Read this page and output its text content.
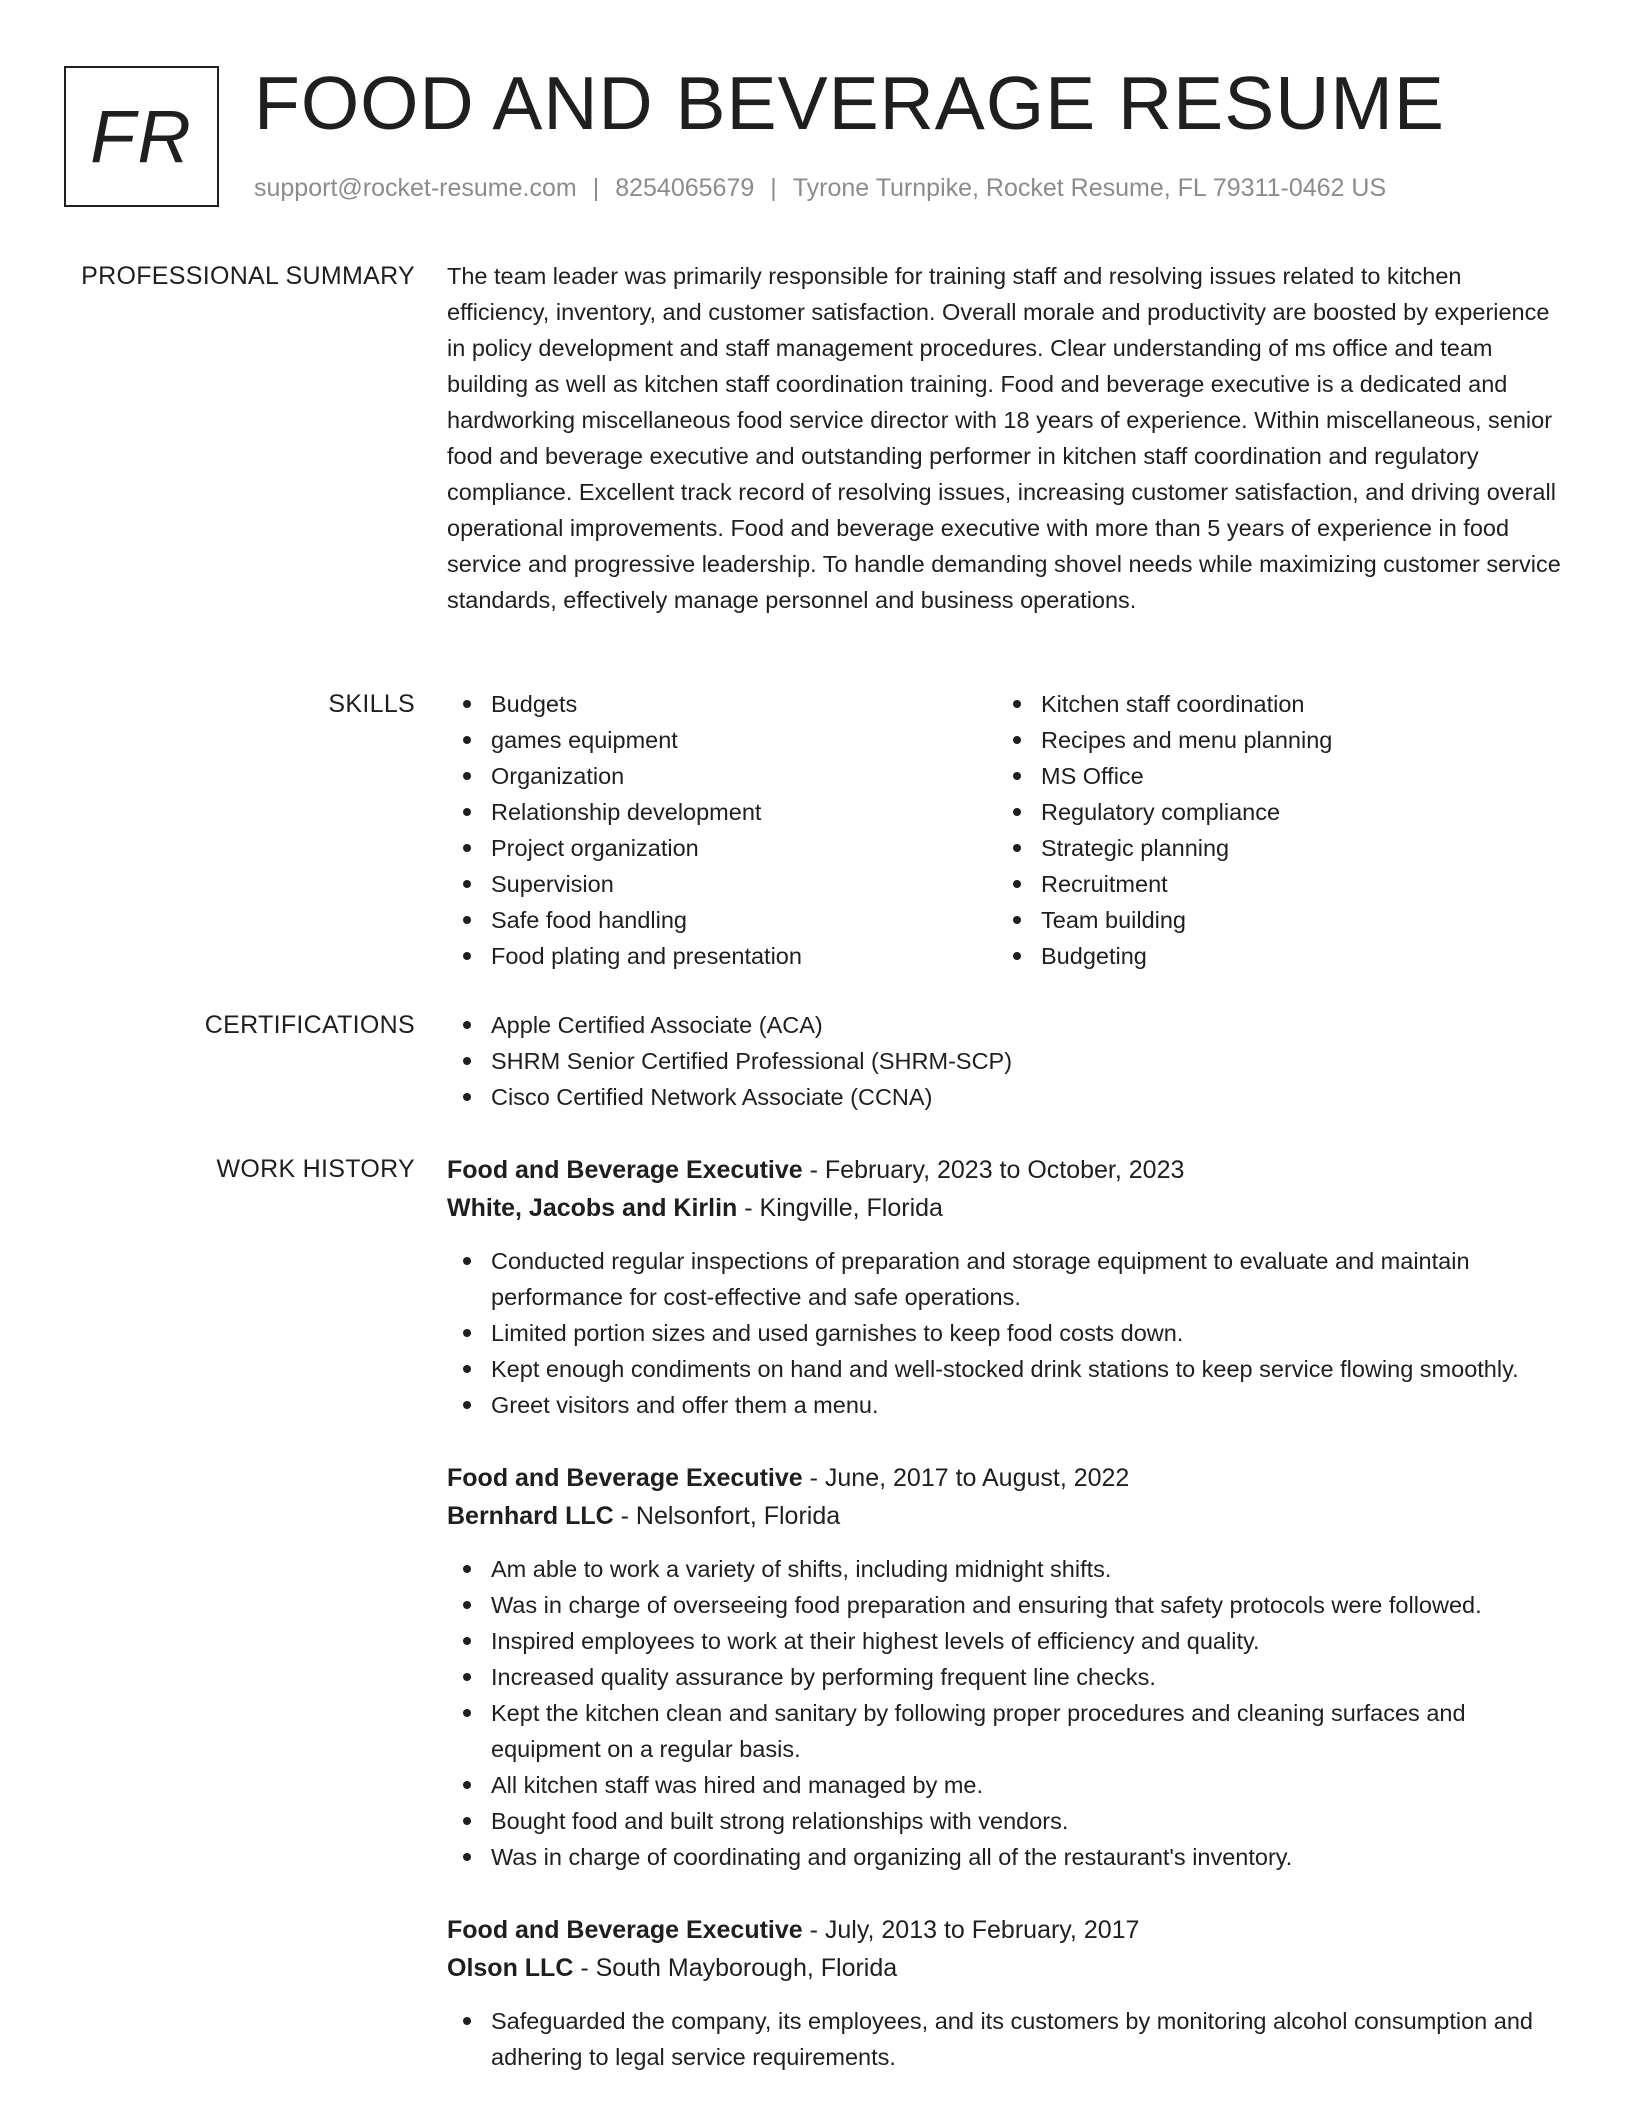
FR FOOD AND BEVERAGE RESUME
support@rocket-resume.com | 8254065679 | Tyrone Turnpike, Rocket Resume, FL 79311-0462 US
PROFESSIONAL SUMMARY The team leader was primarily responsible for training staff and resolving issues related to kitchen efficiency, inventory, and customer satisfaction. Overall morale and productivity are boosted by experience in policy development and staff management procedures. Clear understanding of ms office and team building as well as kitchen staff coordination training. Food and beverage executive is a dedicated and hardworking miscellaneous food service director with 18 years of experience. Within miscellaneous, senior food and beverage executive and outstanding performer in kitchen staff coordination and regulatory compliance. Excellent track record of resolving issues, increasing customer satisfaction, and driving overall operational improvements. Food and beverage executive with more than 5 years of experience in food service and progressive leadership. To handle demanding shovel needs while maximizing customer service standards, effectively manage personnel and business operations.

SKILLS	Budgets
games equipment
Organization
Relationship development
Project organization
Supervision
Safe food handling
Food plating and presentation
Kitchen staff coordination
Recipes and menu planning
MS Office
Regulatory compliance
Strategic planning
Recruitment
Team building
Budgeting
CERTIFICATIONS	Apple Certified Associate (ACA)
SHRM Senior Certified Professional (SHRM-SCP)
Cisco Certified Network Associate (CCNA)
WORK HISTORY Food and Beverage Executive - February, 2023 to October, 2023
White, Jacobs and Kirlin - Kingville, Florida
Conducted regular inspections of preparation and storage equipment to evaluate and maintain performance for cost-effective and safe operations.
Limited portion sizes and used garnishes to keep food costs down.
Kept enough condiments on hand and well-stocked drink stations to keep service flowing smoothly.
Greet visitors and offer them a menu.
Food and Beverage Executive - June, 2017 to August, 2022
Bernhard LLC - Nelsonfort, Florida
Am able to work a variety of shifts, including midnight shifts.
Was in charge of overseeing food preparation and ensuring that safety protocols were followed.
Inspired employees to work at their highest levels of efficiency and quality.
Increased quality assurance by performing frequent line checks.
Kept the kitchen clean and sanitary by following proper procedures and cleaning surfaces and equipment on a regular basis.
All kitchen staff was hired and managed by me.
Bought food and built strong relationships with vendors.
Was in charge of coordinating and organizing all of the restaurant's inventory.
Food and Beverage Executive - July, 2013 to February, 2017
Olson LLC - South Mayborough, Florida
Safeguarded the company, its employees, and its customers by monitoring alcohol consumption and adhering to legal service requirements.
